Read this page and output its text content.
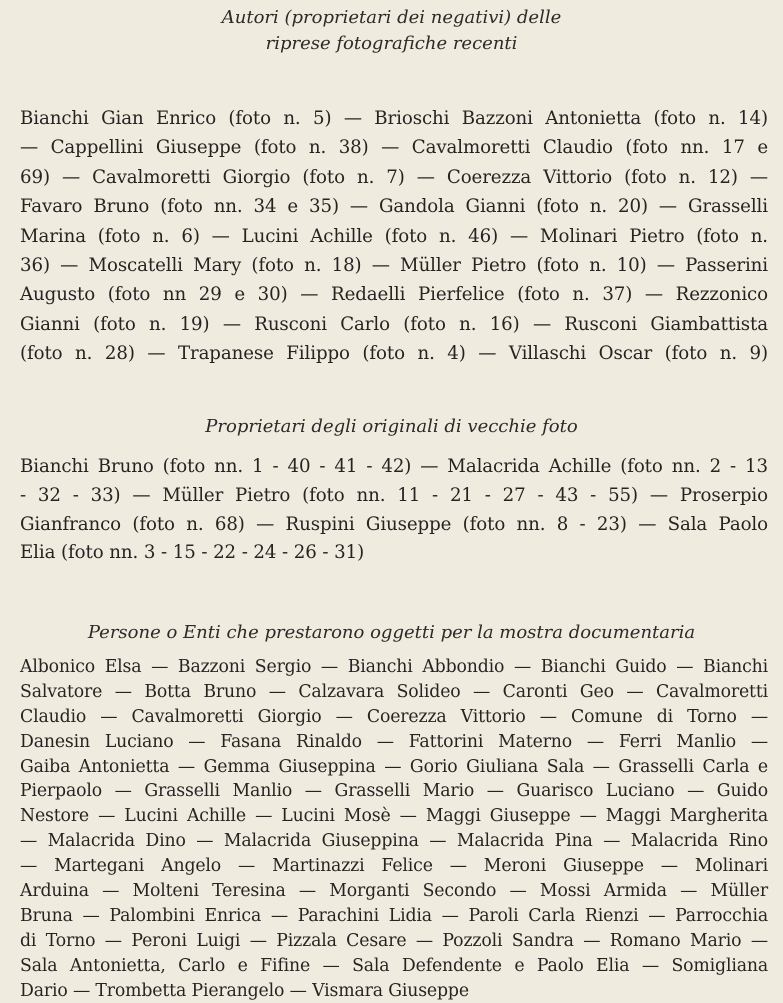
Autori (proprietari dei negativi) delle
riprese fotografiche recenti
Bianchi Gian Enrico (foto n. 5) — Brioschi Bazzoni Antonietta (foto n. 14)
— Cappellini Giuseppe (foto n. 38) — Cavalmoretti Claudio (foto nn. 17 e
69) — Cavalmoretti Giorgio (foto n. 7) — Coerezza Vittorio (foto n. 12) —
Favaro Bruno (foto nn. 34 e 35) — Gandola Gianni (foto n. 20) — Grasselli
Marina (foto n. 6) — Lucini Achille (foto n. 46) — Molinari Pietro (foto n.
36) — Moscatelli Mary (foto n. 18) — Müller Pietro (foto n. 10) — Passerini
Augusto (foto nn 29 e 30) — Redaelli Pierfelice (foto n. 37) — Rezzonico
Gianni (foto n. 19) — Rusconi Carlo (foto n. 16) — Rusconi Giambattista
(foto n. 28) — Trapanese Filippo (foto n. 4) — Villaschi Oscar (foto n. 9)
Proprietari degli originali di vecchie foto
Bianchi Bruno (foto nn. 1 - 40 - 41 - 42) — Malacrida Achille (foto nn. 2 - 13
- 32 - 33) — Müller Pietro (foto nn. 11 - 21 - 27 - 43 - 55) — Proserpio
Gianfranco (foto n. 68) — Ruspini Giuseppe (foto nn. 8 - 23) — Sala Paolo
Elia (foto nn. 3 - 15 - 22 - 24 - 26 - 31)
Persone o Enti che prestarono oggetti per la mostra documentaria
Albonico Elsa — Bazzoni Sergio — Bianchi Abbondio — Bianchi Guido — Bianchi
Salvatore — Botta Bruno — Calzavara Solideo — Caronti Geo — Cavalmoretti
Claudio — Cavalmoretti Giorgio — Coerezza Vittorio — Comune di Torno —
Danesin Luciano — Fasana Rinaldo — Fattorini Materno — Ferri Manlio —
Gaiba Antonietta — Gemma Giuseppina — Gorio Giuliana Sala — Grasselli Carla e
Pierpaolo — Grasselli Manlio — Grasselli Mario — Guarisco Luciano — Guido
Nestore — Lucini Achille — Lucini Mosè — Maggi Giuseppe — Maggi Margherita
— Malacrida Dino — Malacrida Giuseppina — Malacrida Pina — Malacrida Rino
— Martegani Angelo — Martinazzi Felice — Meroni Giuseppe — Molinari
Arduina — Molteni Teresina — Morganti Secondo — Mossi Armida — Müller
Bruna — Palombini Enrica — Parachini Lidia — Paroli Carla Rienzi — Parrocchia
di Torno — Peroni Luigi — Pizzala Cesare — Pozzoli Sandra — Romano Mario —
Sala Antonietta, Carlo e Fifine — Sala Defendente e Paolo Elia — Somigliana
Dario — Trombetta Pierangelo — Vismara Giuseppe
